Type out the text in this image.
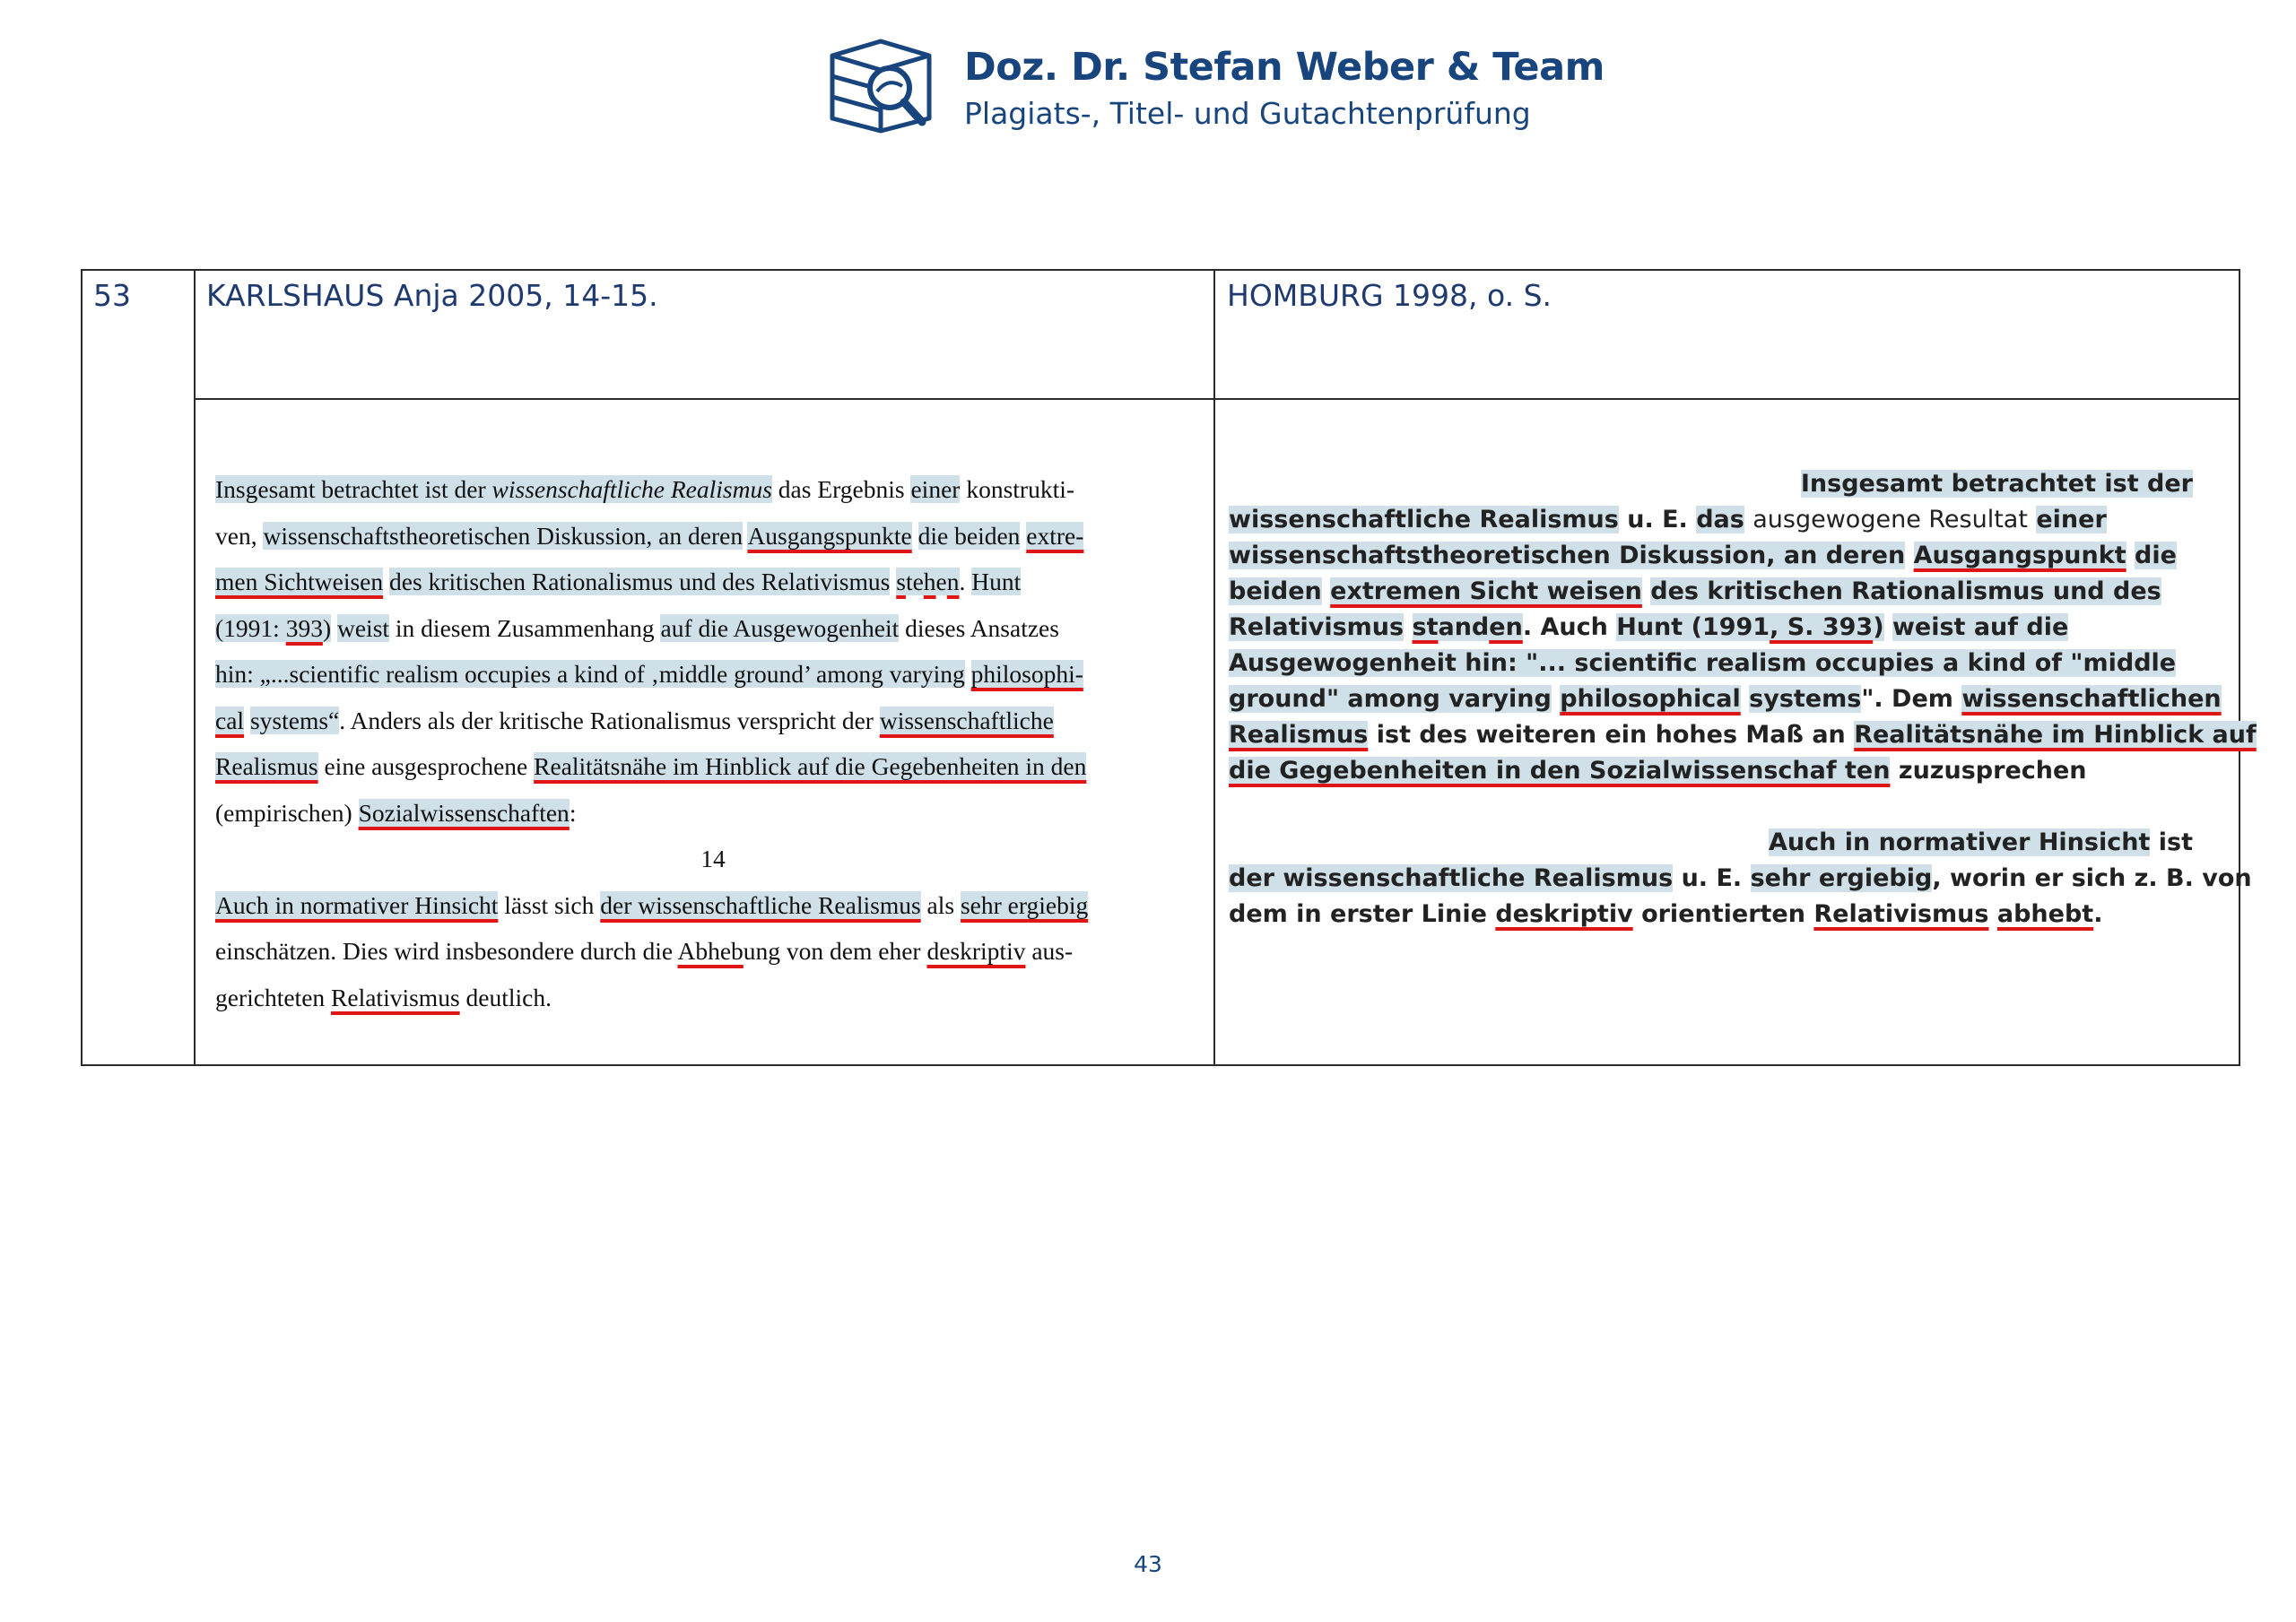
Doz. Dr. Stefan Weber & Team
Plagiats-, Titel- und Gutachtenprüfung
53	KARLSHAUS Anja 2005, 14-15.	HOMBURG 1998, o. S.
Insgesamt betrachtet ist der wissenschaftliche Realismus das Ergebnis einer konstrukti-
ven, wissenschaftstheoretischen Diskussion, an deren Ausgangspunkte die beiden extre-
men Sichtweisen des kritischen Rationalismus und des Relativismus stehen. Hunt
(1991: 393) weist in diesem Zusammenhang auf die Ausgewogenheit dieses Ansatzes
hin: „...scientific realism occupies a kind of ‚middle ground’ among varying philosophi-
cal systems“. Anders als der kritische Rationalismus verspricht der wissenschaftliche
Realismus eine ausgesprochene Realitätsnähe im Hinblick auf die Gegebenheiten in den
(empirischen) Sozialwissenschaften:
14
Auch in normativer Hinsicht lässt sich der wissenschaftliche Realismus als sehr ergiebig
einschätzen. Dies wird insbesondere durch die Abhebung von dem eher deskriptiv aus-
gerichteten Relativismus deutlich.
Insgesamt betrachtet ist der
wissenschaftliche Realismus u. E. das ausgewogene Resultat einer
wissenschaftstheoretischen Diskussion, an deren Ausgangspunkt die
beiden extremen Sicht weisen des kritischen Rationalismus und des
Relativismus standen. Auch Hunt (1991, S. 393) weist auf die
Ausgewogenheit hin: "... scientific realism occupies a kind of "middle
ground" among varying philosophical systems". Dem wissenschaftlichen
Realismus ist des weiteren ein hohes Maß an Realitätsnähe im Hinblick auf
die Gegebenheiten in den Sozialwissenschaf ten zuzusprechen
Auch in normativer Hinsicht ist
der wissenschaftliche Realismus u. E. sehr ergiebig, worin er sich z. B. von
dem in erster Linie deskriptiv orientierten Relativismus abhebt.
43
